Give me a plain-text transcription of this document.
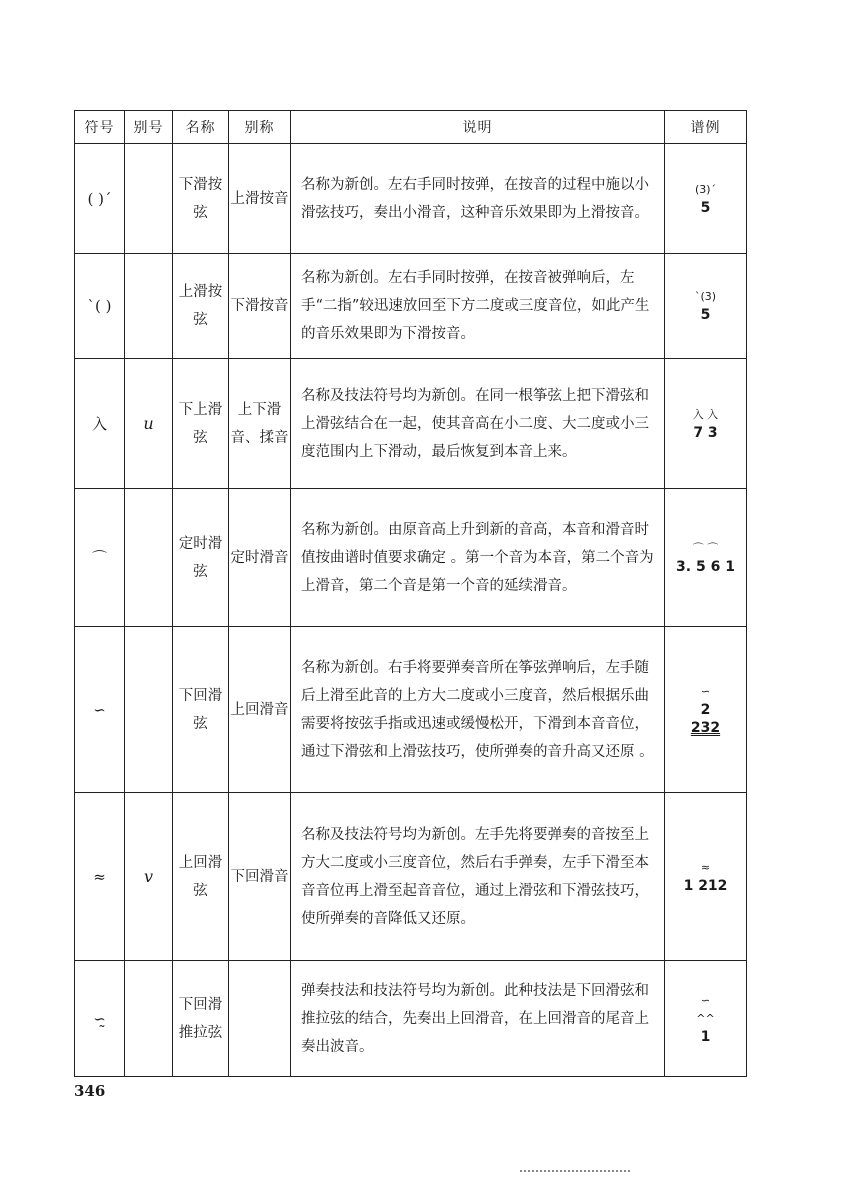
符号	别号	名称	别称	说明	谱例
( )ˊ		下滑按弦	上滑按音	名称为新创。左右手同时按弹，在按音的过程中施以小滑弦技巧，奏出小滑音，这种音乐效果即为上滑按音。	(3)ˊ
5
ˋ( )		上滑按弦	下滑按音	名称为新创。左右手同时按弹，在按音被弹响后，左手“二指”较迅速放回至下方二度或三度音位，如此产生的音乐效果即为下滑按音。	ˋ(3)
5
入	u	下上滑弦	上下滑音、揉音	名称及技法符号均为新创。在同一根筝弦上把下滑弦和上滑弦结合在一起，使其音高在小二度、大二度或小三度范围内上下滑动，最后恢复到本音上来。	入 入
7 3
⌒		定时滑弦	定时滑音	名称为新创。由原音高上升到新的音高，本音和滑音时值按曲谱时值要求确定 。第一个音为本音，第二个音为上滑音，第二个音是第一个音的延续滑音。	⌒ ⌒
3. 5 6 1
∽		下回滑弦	上回滑音	名称为新创。右手将要弹奏音所在筝弦弹响后，左手随后上滑至此音的上方大二度或小三度音，然后根据乐曲需要将按弦手指或迅速或缓慢松开，下滑到本音音位，通过下滑弦和上滑弦技巧，使所弹奏的音升高又还原 。	∽
2
232
≈	v	上回滑弦	下回滑音	名称及技法符号均为新创。左手先将要弹奏的音按至上方大二度或小三度音位，然后右手弹奏，左手下滑至本音音位再上滑至起音音位，通过上滑弦和下滑弦技巧，使所弹奏的音降低又还原。	≈
1 212
∽̰		下回滑推拉弦		弹奏技法和技法符号均为新创。此种技法是下回滑弦和推拉弦的结合，先奏出上回滑音，在上回滑音的尾音上奏出波音。	∽
^^
1
346
